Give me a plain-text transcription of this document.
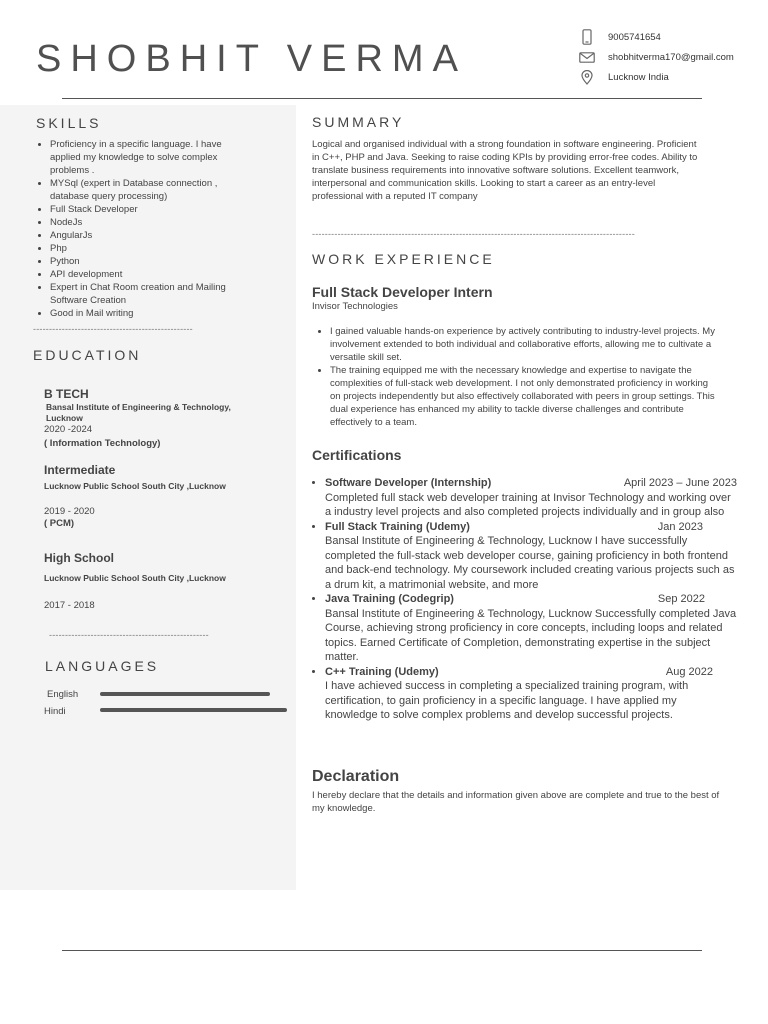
SHOBHIT VERMA
9005741654
shobhitverma170@gmail.com
Lucknow India
SKILLS
• Proficiency in a specific language. I have applied my knowledge to solve complex problems .
• MYSql (expert in Database connection , database query processing)
• Full Stack Developer
• NodeJs
• AngularJs
• Php
• Python
• API development
• Expert in Chat Room creation and Mailing Software Creation
• Good in Mail writing
--------------------------------------------------
EDUCATION
B TECH
Bansal Institute of Engineering & Technology, Lucknow
2020 -2024
( Information Technology)
Intermediate
Lucknow Public School South City ,Lucknow
2019 - 2020
( PCM)
High School
Lucknow Public School South City ,Lucknow
2017 - 2018
--------------------------------------------------
LANGUAGES
English
Hindi
SUMMARY

Logical and organised individual with a strong foundation in software engineering. Proficient in C++, PHP and Java. Seeking to raise coding KPIs by providing error-free codes. Ability to translate business requirements into innovative software solutions. Excellent teamwork, interpersonal and communication skills. Looking to start a career as an entry-level professional with a reputed IT company

-----------------------------------------------------------------------------------------------------
WORK EXPERIENCE
Full Stack Developer Intern
Invisor Technologies
• I gained valuable hands-on experience by actively contributing to industry-level projects. My involvement extended to both individual and collaborative efforts, allowing me to cultivate a versatile skill set.
• The training equipped me with the necessary knowledge and expertise to navigate the complexities of full-stack web development. I not only demonstrated proficiency in working on projects independently but also effectively collaborated with peers in group settings. This dual experience has enhanced my ability to tackle diverse challenges and contribute effectively to a team.
Certifications
• Software Developer (Internship)	April 2023 – June 2023
Completed full stack web developer training at Invisor Technology and working over a industry level projects and also completed projects individually and in group also
• Full Stack Training (Udemy)	Jan 2023
Bansal Institute of Engineering & Technology, Lucknow I have successfully completed the full-stack web developer course, gaining proficiency in both frontend and back-end technology. My coursework included creating various projects such as a drum kit, a matrimonial website, and more
• Java Training (Codegrip)	Sep 2022
Bansal Institute of Engineering & Technology, Lucknow Successfully completed Java Course, achieving strong proficiency in core concepts, including loops and related topics. Earned Certificate of Completion, demonstrating expertise in the subject matter.
• C++ Training (Udemy)	Aug 2022
I have achieved success in completing a specialized training program, with certification, to gain proficiency in a specific language. I have applied my knowledge to solve complex problems and develop successful projects.
Declaration

I hereby declare that the details and information given above are complete and true to the best of my knowledge.
